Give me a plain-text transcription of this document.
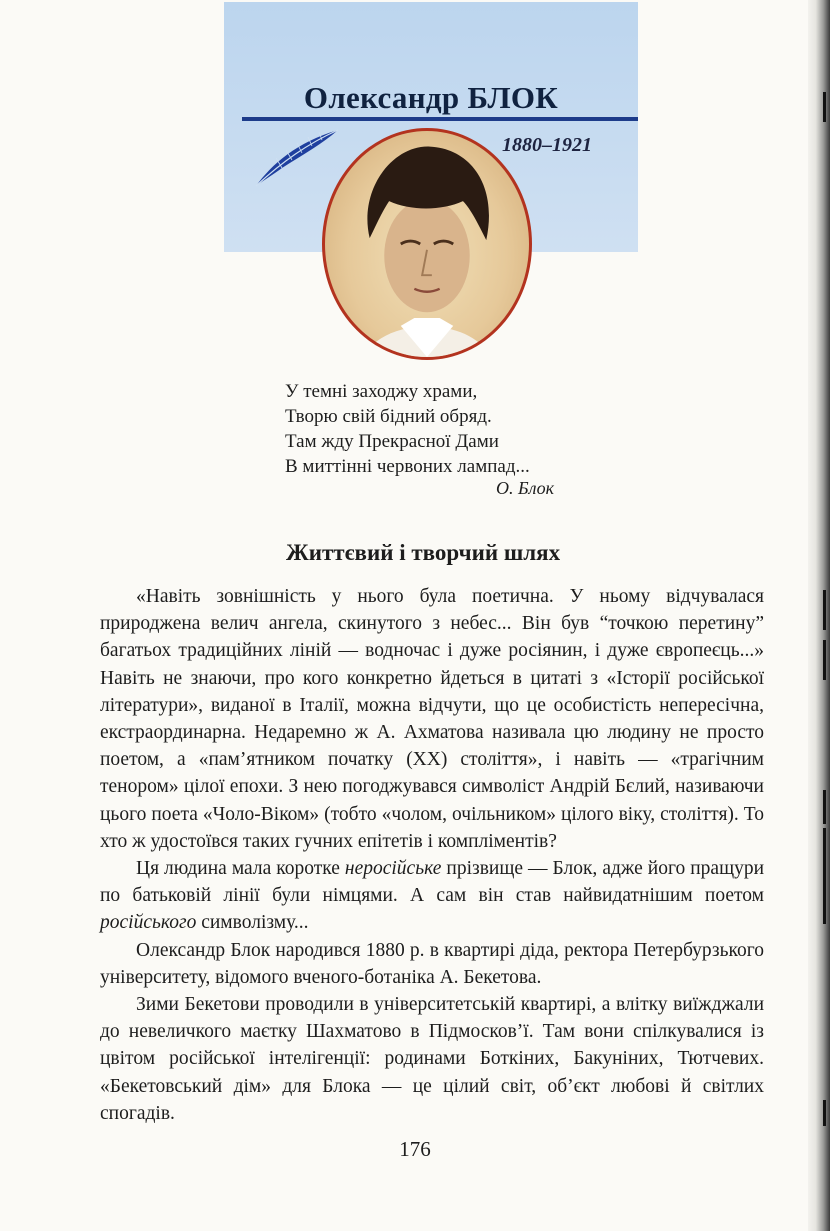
Олександр БЛОК
1880–1921
У темні заходжу храми,
Творю свій бідний обряд.
Там жду Прекрасної Дами
В миттінні червоних лампад...
О. Блок
Життєвий і творчий шлях

«Навіть зовнішність у нього була поетична. У ньому відчувалася природжена велич ангела, скинутого з небес... Він був “точкою перетину” багатьох традиційних ліній — водночас і дуже росіянин, і дуже європеєць...» Навіть не знаючи, про кого конкретно йдеться в цитаті з «Історії російської літератури», виданої в Італії, можна відчути, що це особистість непересічна, екстраординарна. Недаремно ж А. Ахматова називала цю людину не просто поетом, а «пам’ятником початку (XX) століття», і навіть — «трагічним тенором» цілої епохи. З нею погоджувався символіст Андрій Бєлий, називаючи цього поета «Чоло-Віком» (тобто «чолом, очільником» цілого віку, століття). То хто ж удостоївся таких гучних епітетів і компліментів?

Ця людина мала коротке неросійське прізвище — Блок, адже його пращури по батьковій лінії були німцями. А сам він став найвидатнішим поетом російського символізму...

Олександр Блок народився 1880 р. в квартирі діда, ректора Петербурзького університету, відомого вченого-ботаніка А. Бекетова.

Зими Бекетови проводили в університетській квартирі, а влітку виїжджали до невеличкого маєтку Шахматово в Підмосков’ї. Там вони спілкувалися із цвітом російської інтелігенції: родинами Боткіних, Бакуніних, Тютчевих. «Бекетовський дім» для Блока — це цілий світ, об’єкт любові й світлих спогадів.

176
